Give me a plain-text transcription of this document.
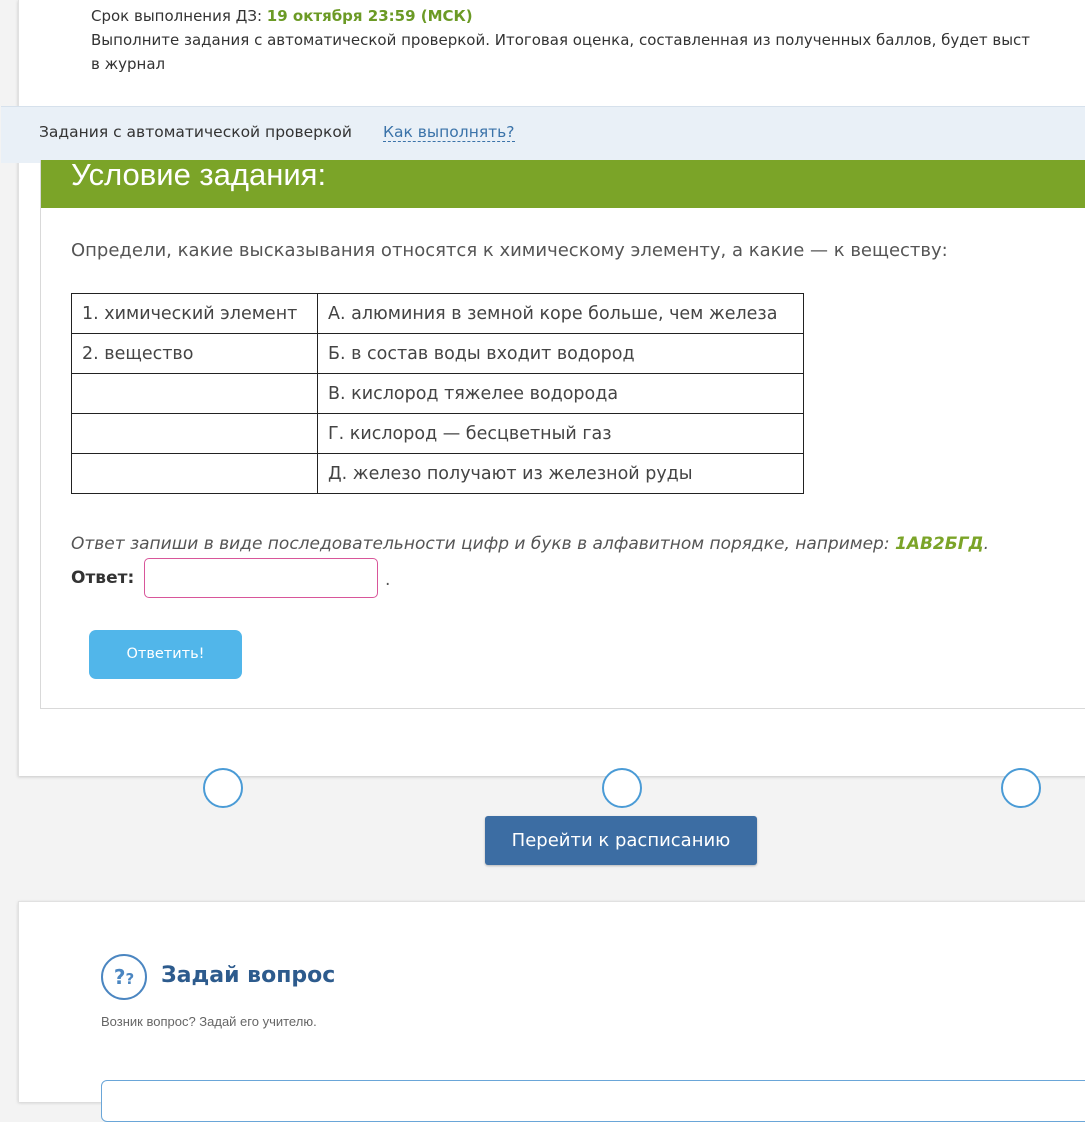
Срок выполнения ДЗ: 19 октября 23:59 (МСК)
Выполните задания с автоматической проверкой. Итоговая оценка, составленная из полученных баллов, будет выст
в журнал
Задания с автоматической проверкой Как выполнять?
Условие задания:
Определи, какие высказывания относятся к химическому элементу, а какие — к веществу:
1. химический элемент	А. алюминия в земной коре больше, чем железа
2. вещество	Б. в состав воды входит водород
	В. кислород тяжелее водорода
	Г. кислород — бесцветный газ
	Д. железо получают из железной руды
Ответ запиши в виде последовательности цифр и букв в алфавитном порядке, например: 1АВ2БГД.
Ответ:	.
Ответить!
Перейти к расписанию
??	Задай вопрос
Возник вопрос? Задай его учителю.
